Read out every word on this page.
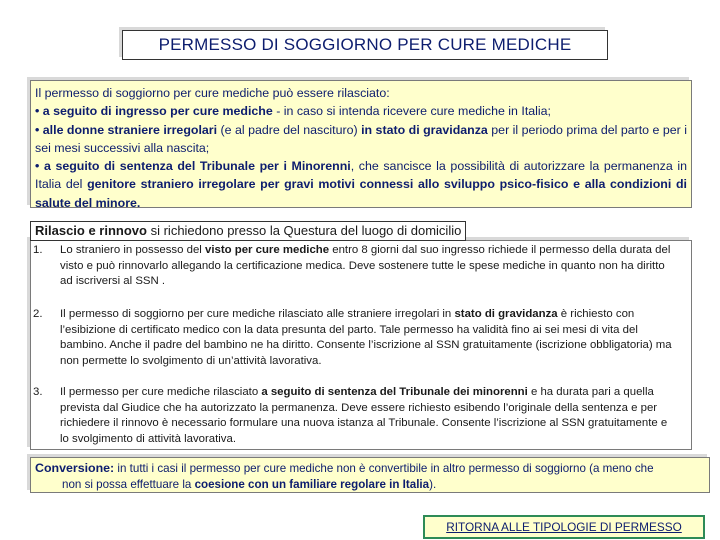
PERMESSO DI SOGGIORNO PER CURE MEDICHE
Il permesso di soggiorno per cure mediche può essere rilasciato:
• a seguito di ingresso per cure mediche - in caso si intenda ricevere cure mediche in Italia;
• alle donne straniere irregolari (e al padre del nascituro) in stato di gravidanza per il periodo prima del parto e per i sei mesi successivi alla nascita;
• a seguito di sentenza del Tribunale per i Minorenni, che sancisce la possibilità di autorizzare la permanenza in Italia del genitore straniero irregolare per gravi motivi connessi allo sviluppo psico-fisico e alla condizioni di salute del minore.
1. Lo straniero in possesso del visto per cure mediche entro 8 giorni dal suo ingresso richiede il permesso della durata del visto e può rinnovarlo allegando la certificazione medica. Deve sostenere tutte le spese mediche in quanto non ha diritto ad iscriversi al SSN .
2. Il permesso di soggiorno per cure mediche rilasciato alle straniere irregolari in stato di gravidanza è richiesto con l’esibizione di certificato medico con la data presunta del parto. Tale permesso ha validità fino ai sei mesi di vita del bambino. Anche il padre del bambino ne ha diritto. Consente l’iscrizione al SSN gratuitamente (iscrizione obbligatoria) ma non permette lo svolgimento di un’attività lavorativa.
3. Il permesso per cure mediche rilasciato a seguito di sentenza del Tribunale dei minorenni e ha durata pari a quella prevista dal Giudice che ha autorizzato la permanenza. Deve essere richiesto esibendo l’originale della sentenza e per richiedere il rinnovo è necessario formulare una nuova istanza al Tribunale. Consente l’iscrizione al SSN gratuitamente e lo svolgimento di attività lavorativa.
Rilascio e rinnovo si richiedono presso la Questura del luogo di domicilio
Conversione: in tutti i casi il permesso per cure mediche non è convertibile in altro permesso di soggiorno (a meno che
non si possa effettuare la coesione con un familiare regolare in Italia).
RITORNA ALLE TIPOLOGIE DI PERMESSO
